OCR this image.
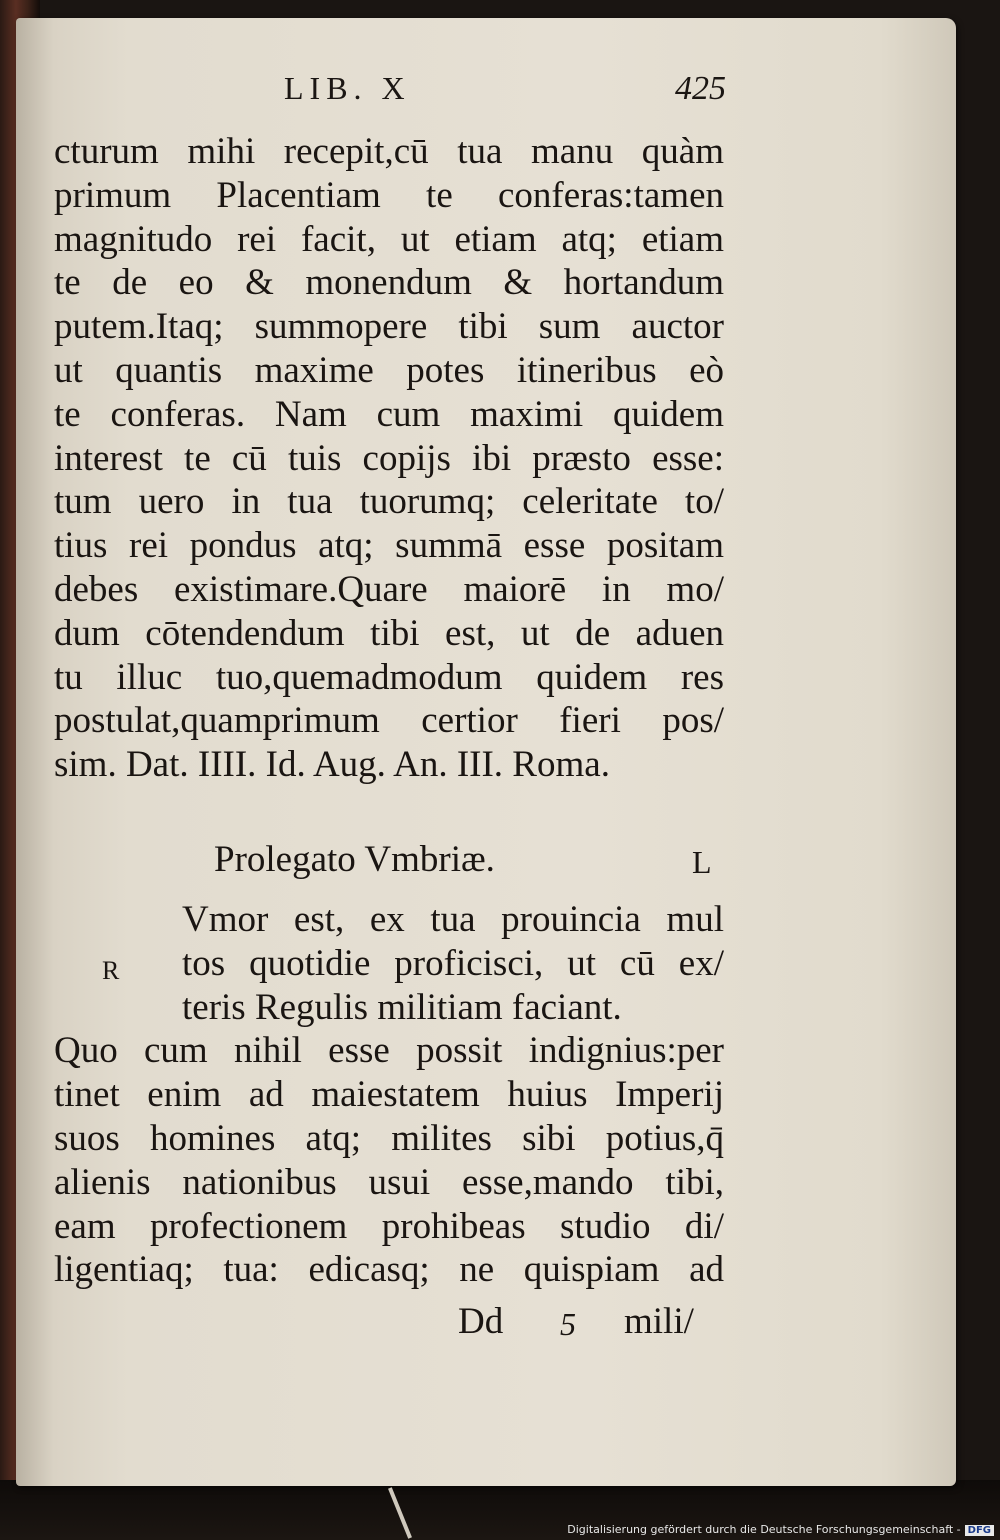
LIB. X	425
cturum mihi recepit,cū tua manu quàm
primum Placentiam te conferas:tamen
magnitudo rei facit, ut etiam atq; etiam
te de eo & monendum & hortandum
putem.Itaq; summopere tibi sum auctor
ut quantis maxime potes itineribus eò
te conferas. Nam cum maximi quidem
interest te cū tuis copijs ibi præsto esse:
tum uero in tua tuorumq; celeritate to/
tius rei pondus atq; summā esse positam
debes existimare.Quare maiorē in mo/
dum cōtendendum tibi est, ut de aduen
tu illuc tuo,quemadmodum quidem res
postulat,quamprimum certior fieri pos/
sim. Dat. IIII. Id. Aug. An. III. Roma.
Prolegato Vmbriæ.	L
R
Vmor est, ex tua prouincia mul
tos quotidie proficisci, ut cū ex/
teris Regulis militiam faciant.
Quo cum nihil esse possit indignius:per
tinet enim ad maiestatem huius Imperij
suos homines atq; milites sibi potius,q̄
alienis nationibus usui esse,mando tibi,
eam profectionem prohibeas studio di/
ligentiaq; tua: edicasq; ne quispiam ad
Dd 5 mili/
Digitalisierung gefördert durch die Deutsche Forschungsgemeinschaft - DFG
